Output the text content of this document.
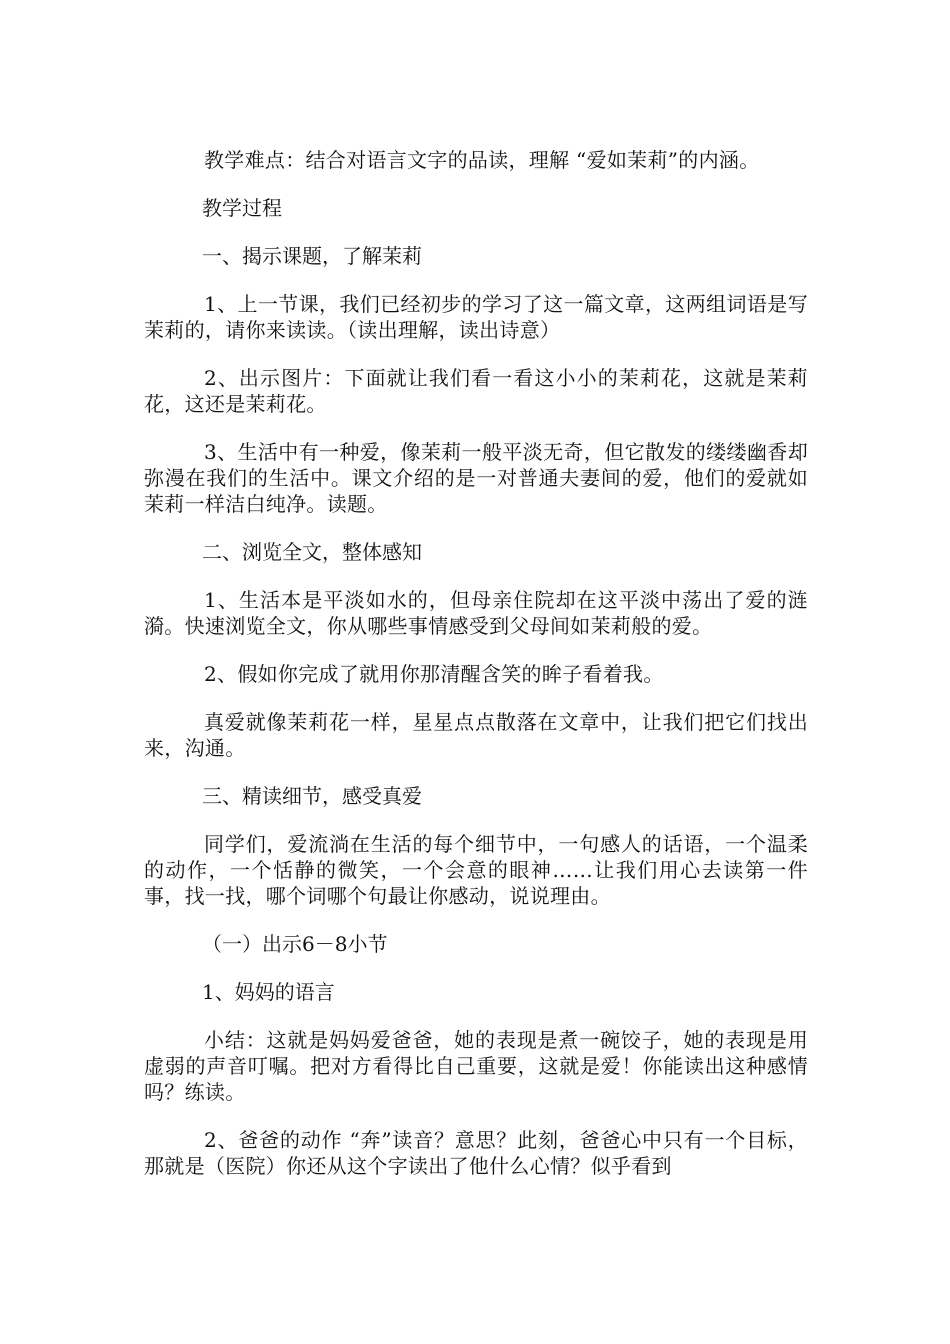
教学难点：结合对语言文字的品读，理解 “爱如茉莉”的内涵。

教学过程

一、揭示课题，了解茉莉

1、上一节课，我们已经初步的学习了这一篇文章，这两组词语是写茉莉的，请你来读读。（读出理解，读出诗意）

2、出示图片：下面就让我们看一看这小小的茉莉花，这就是茉莉花，这还是茉莉花。

3、生活中有一种爱，像茉莉一般平淡无奇，但它散发的缕缕幽香却弥漫在我们的生活中。课文介绍的是一对普通夫妻间的爱，他们的爱就如茉莉一样洁白纯净。读题。

二、浏览全文，整体感知

1、生活本是平淡如水的，但母亲住院却在这平淡中荡出了爱的涟漪。快速浏览全文，你从哪些事情感受到父母间如茉莉般的爱。

2、假如你完成了就用你那清醒含笑的眸子看着我。

真爱就像茉莉花一样，星星点点散落在文章中，让我们把它们找出来，沟通。

三、精读细节，感受真爱

同学们，爱流淌在生活的每个细节中，一句感人的话语，一个温柔的动作，一个恬静的微笑，一个会意的眼神……让我们用心去读第一件事，找一找，哪个词哪个句最让你感动，说说理由。

（一）出示6－8小节

1、妈妈的语言

小结：这就是妈妈爱爸爸，她的表现是煮一碗饺子，她的表现是用虚弱的声音叮嘱。把对方看得比自己重要，这就是爱！你能读出这种感情吗？练读。

2、爸爸的动作 “奔”读音？意思？此刻，爸爸心中只有一个目标，那就是（医院）你还从这个字读出了他什么心情？似乎看到
